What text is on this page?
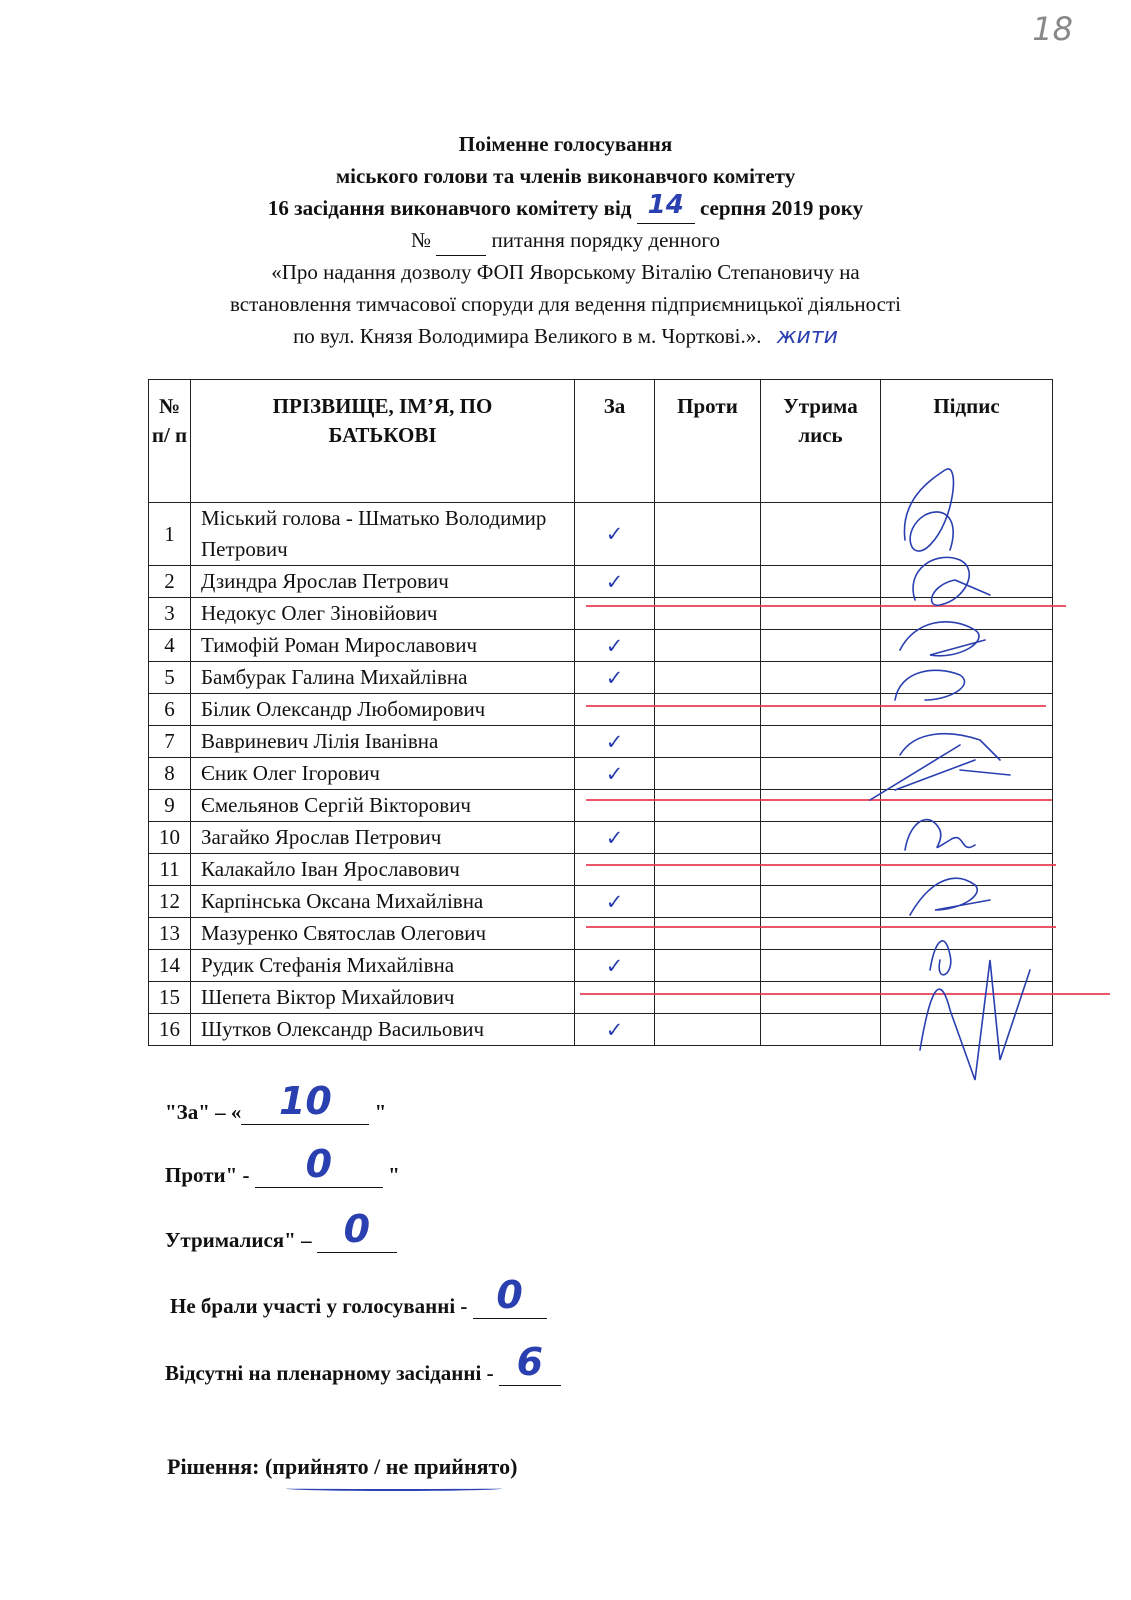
18
Поіменне голосування
міського голови та членів виконавчого комітету
16 засідання виконавчого комітету від 14 серпня 2019 року
№	питання порядку денного
«Про надання дозволу ФОП Яворському Віталію Степановичу на
встановлення тимчасової споруди для ведення підприємницької діяльності
по вул. Князя Володимира Великого в м. Чорткові.». жити
№ п/ п	ПРІЗВИЩЕ, ІМ’Я, ПО БАТЬКОВІ	За	Проти	Утрима лись	Підпис
1	Міський голова - Шматько Володимир Петрович	✓			
2	Дзиндра Ярослав Петрович	✓			
3	Недокус Олег Зіновійович				
4	Тимофій Роман Мирославович	✓			
5	Бамбурак Галина Михайлівна	✓			
6	Білик Олександр Любомирович				
7	Вавриневич Лілія Іванівна	✓			
8	Єник Олег Ігорович	✓			
9	Ємельянов Сергій Вікторович				
10	Загайко Ярослав Петрович	✓			
11	Калакайло Іван Ярославович				
12	Карпінська Оксана Михайлівна	✓			
13	Мазуренко Святослав Олегович				
14	Рудик Стефанія Михайлівна	✓			
15	Шепета Віктор Михайлович				
16	Шутков Олександр Васильович	✓			
"За" – « 10	"
Проти" -	0	"
Утрималися" – 0
Не брали участі у голосуванні - 0
Відсутні на пленарному засіданні - 6
Рішення: (прийнято / не прийнято)
